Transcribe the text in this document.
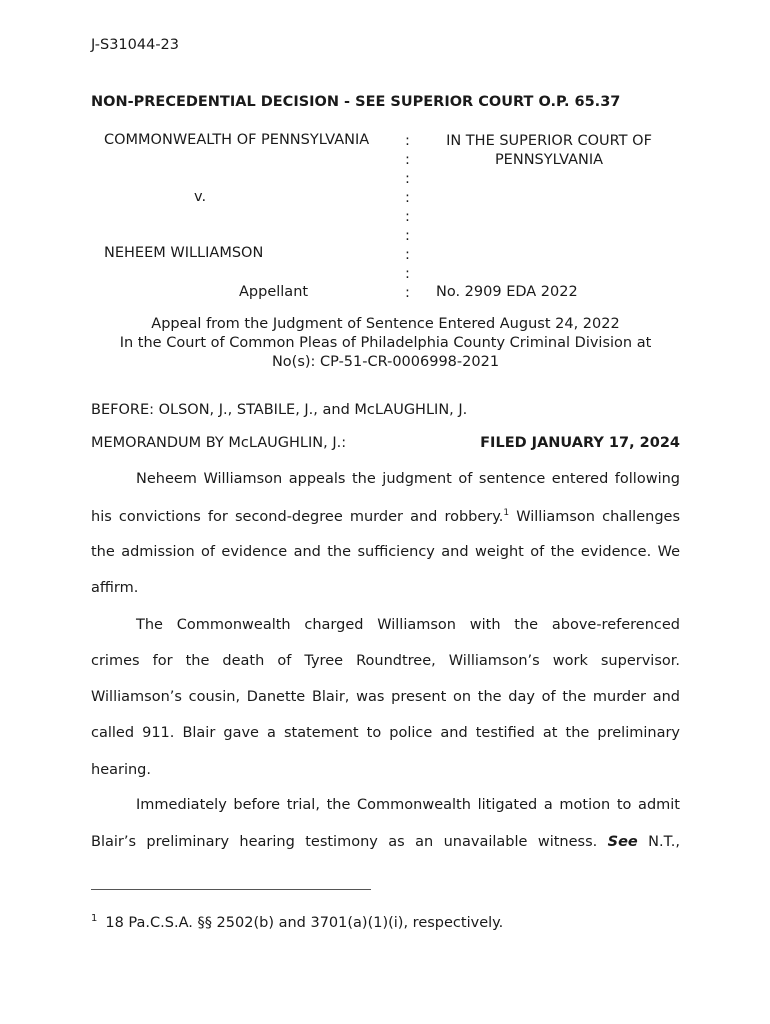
J-S31044-23
NON-PRECEDENTIAL DECISION - SEE SUPERIOR COURT O.P. 65.37
COMMONWEALTH OF PENNSYLVANIA
v.
NEHEEM WILLIAMSON
Appellant
:
:
:
:
:
:
:
:
:
IN THE SUPERIOR COURT OF
PENNSYLVANIA
No. 2909 EDA 2022
Appeal from the Judgment of Sentence Entered August 24, 2022
In the Court of Common Pleas of Philadelphia County Criminal Division at
No(s): CP-51-CR-0006998-2021
BEFORE: OLSON, J., STABILE, J., and McLAUGHLIN, J.
MEMORANDUM BY McLAUGHLIN, J.:	FILED JANUARY 17, 2024
Neheem Williamson appeals the judgment of sentence entered following
his convictions for second-degree murder and robbery.$^1$ Williamson challenges
the admission of evidence and the sufficiency and weight of the evidence. We
affirm.
The Commonwealth charged Williamson with the above-referenced
crimes for the death of Tyree Roundtree, Williamson’s work supervisor.
Williamson’s cousin, Danette Blair, was present on the day of the murder and
called 911. Blair gave a statement to police and testified at the preliminary
hearing.
Immediately before trial, the Commonwealth litigated a motion to admit
Blair’s preliminary hearing testimony as an unavailable witness. See N.T.,
$^1$ 18 Pa.C.S.A. §§ 2502(b) and 3701(a)(1)(i), respectively.
